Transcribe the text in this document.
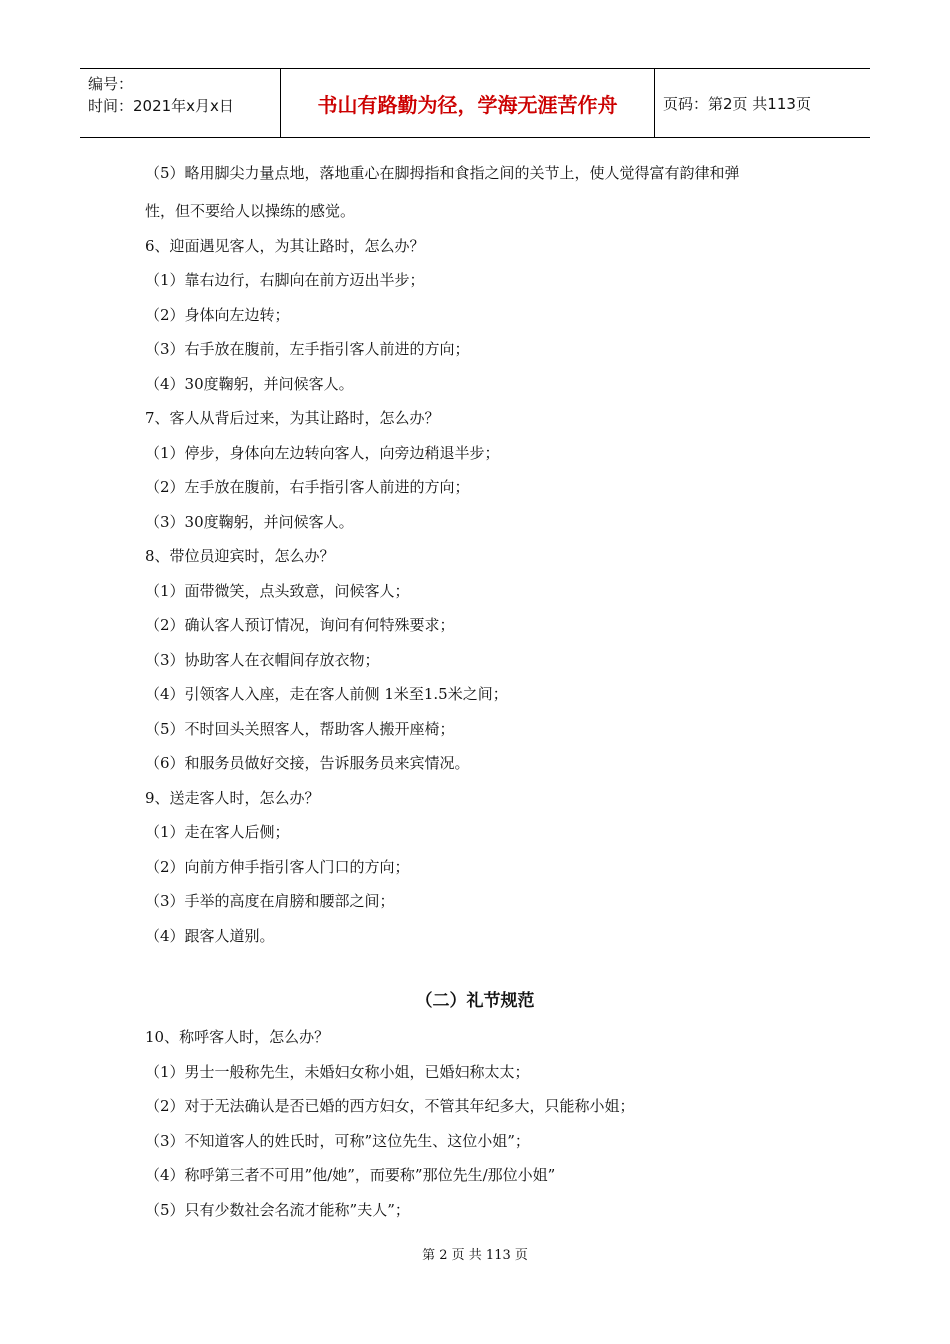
编号：
时间：2021年x月x日	书山有路勤为径，学海无涯苦作舟	页码：第2页 共113页
（5）略用脚尖力量点地，落地重心在脚拇指和食指之间的关节上，使人觉得富有韵律和弹
性，但不要给人以操练的感觉。
6、迎面遇见客人，为其让路时，怎么办？
（1）靠右边行，右脚向在前方迈出半步；
（2）身体向左边转；
（3）右手放在腹前，左手指引客人前进的方向；
（4）30度鞠躬，并问候客人。
7、客人从背后过来，为其让路时，怎么办？
（1）停步，身体向左边转向客人，向旁边稍退半步；
（2）左手放在腹前，右手指引客人前进的方向；
（3）30度鞠躬，并问候客人。
8、带位员迎宾时，怎么办？
（1）面带微笑，点头致意，问候客人；
（2）确认客人预订情况，询问有何特殊要求；
（3）协助客人在衣帽间存放衣物；
（4）引领客人入座，走在客人前侧 1米至1.5米之间；
（5）不时回头关照客人，帮助客人搬开座椅；
（6）和服务员做好交接，告诉服务员来宾情况。
9、送走客人时，怎么办？
（1）走在客人后侧；
（2）向前方伸手指引客人门口的方向；
（3）手举的高度在肩膀和腰部之间；
（4）跟客人道别。
（二）礼节规范
10、称呼客人时，怎么办？
（1）男士一般称先生，未婚妇女称小姐，已婚妇称太太；
（2）对于无法确认是否已婚的西方妇女，不管其年纪多大，只能称小姐；
（3）不知道客人的姓氏时，可称”这位先生、这位小姐”；
（4）称呼第三者不可用”他/她”，而要称”那位先生/那位小姐”
（5）只有少数社会名流才能称”夫人”；
第 2 页 共 113 页
